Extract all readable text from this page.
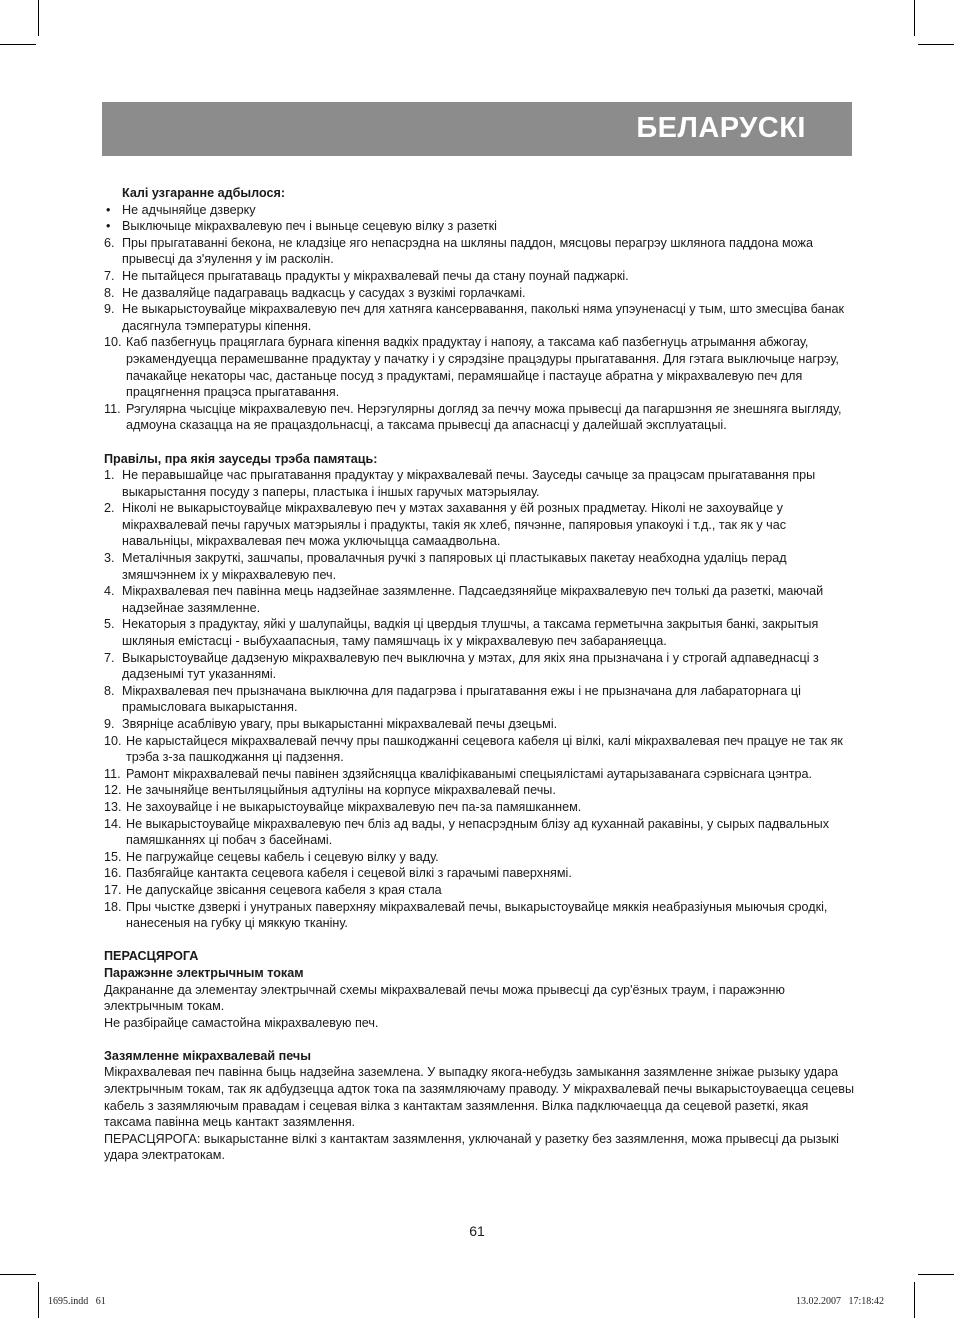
БЕЛАРУСКІ

Калі узгаранне адбылося:

• Не адчыняйце дзверку
• Выключыце мікрахвалевую печ і выньце сецевую вілку з разеткі
6. Пры прыгатаванні бекона, не кладзіце яго непасрэдна на шкляны паддон, мясцовы перагрэу шклянога паддона можа прывесці да з'яулення у ім расколін.
7. Не пытайцеся прыгатаваць прадукты у мікрахвалевай печы да стану поунай паджаркі.
8. Не дазваляйце падаграваць вадкасць у сасудах з вузкімі горлачкамі.
9. Не выкарыстоувайце мікрахвалевую печ для хатняга кансервавання, паколькі няма упэуненасці у тым, што змесціва банак дасягнула тэмпературы кіпення.
10. Каб пазбегнуць працяглага бурнага кіпення вадкіх прадуктау і напояу, а таксама каб пазбегнуць атрымання абжогау, рэкамендуецца перамешванне прадуктау у пачатку і у сярэдзіне працэдуры прыгатавання. Для гэтага выключыце нагрэу, пачакайце некаторы час, дастаньце посуд з прадуктамі, перамяшайце і пастауце абратна у мікрахвалевую печ для працягнення працэса прыгатавання.
11. Рэгулярна чысціце мікрахвалевую печ. Нерэгулярны догляд за печчу можа прывесці да пагаршэння яе знешняга выгляду, адмоуна сказацца на яе працаздольнасці, а таксама прывесці да апаснасці у далейшай эксплуатацыі.

Правілы, пра якія зауседы трэба памятаць:

1. Не перавышайце час прыгатавання прадуктау у мікрахвалевай печы. Зауседы сачыце за працэсам прыгатавання пры выкарыстання посуду з паперы, пластыка і іншых гаручых матэрыялау.
2. Ніколі не выкарыстоувайце мікрахвалевую печ у мэтах захавання у ёй розных прадметау. Ніколі не захоувайце у мікрахвалевай печы гаручых матэрыялы і прадукты, такія як хлеб, пячэнне, папяровыя упакоукі і т.д., так як у час навальніцы, мікрахвалевая печ можа уключыцца самаадвольна.
3. Металічныя закруткі, зашчапы, провалачныя ручкі з папяровых ці пластыкавых пакетау неабходна удаліць перад змяшчэннем іх у мікрахвалевую печ.
4. Мікрахвалевая печ павінна мець надзейнае зазямленне. Падсаедзяняйце мікрахвалевую печ толькі да разеткі, маючай надзейнае зазямленне.
5. Некаторыя з прадуктау, яйкі у шалупайцы, вадкія ці цвердыя тлушчы, а таксама герметычна закрытыя банкі, закрытыя шкляныя емістасці - выбухаапасныя, таму памяшчаць іх у мікрахвалевую печ забараняецца.
7. Выкарыстоувайце дадзеную мікрахвалевую печ выключна у мэтах, для якіх яна прызначана і у строгай адпаведнасці з дадзенымі тут указаннямі.
8. Мікрахвалевая печ прызначана выключна для падагрэва і прыгатавання ежы і не прызначана для лабараторнага ці прамысловага выкарыстання.
9. Звярніце асаблівую увагу, пры выкарыстанні мікрахвалевай печы дзецьмі.
10. Не карыстайцеся мікрахвалевай печчу пры пашкоджанні сецевога кабеля ці вілкі, калі мікрахвалевая печ працуе не так як трэба з-за пашкоджання ці падзення.
11. Рамонт мікрахвалевай печы павінен здзяйсняцца кваліфікаванымі спецыялістамі аутарызаванага сэрвіснага цэнтра.
12. Не зачыняйце вентыляцыйныя адтуліны на корпусе мікрахвалевай печы.
13. Не захоувайце і не выкарыстоувайце мікрахвалевую печ па-за памяшканнем.
14. Не выкарыстоувайце мікрахвалевую печ бліз ад вады, у непасрэдным блізу ад куханнай ракавіны, у сырых падвальных памяшканнях ці побач з басейнамі.
15. Не пагружайце сецевы кабель і сецевую вілку у ваду.
16. Пазбягайце кантакта сецевога кабеля і сецевой вілкі з гарачымі паверхнямі.
17. Не дапускайце звісання сецевога кабеля з края стала
18. Пры чыстке дзверкі і унутраных паверхняу мікрахвалевай печы, выкарыстоувайце мяккія неабразіуныя мыючыя сродкі, нанесеныя на губку ці мяккую тканіну.

ПЕРАСЦЯРОГА

Паражэнне электрычным токам

Дакрананне да элементау электрычнай схемы мікрахвалевай печы можа прывесці да сур'ёзных траум, і паражэнню электрычным токам.

Не разбірайце самастойна мікрахвалевую печ.

Зазямленне мікрахвалевай печы

Мікрахвалевая печ павінна быць надзейна заземлена. У выпадку якога-небудзь замыкання зазямленне зніжае рызыку удара электрычным токам, так як адбудзецца адток тока па зазямляючаму праводу. У мікрахвалевай печы выкарыстоуваецца сецевы кабель з зазямляючым правадам і сецевая вілка з кантактам зазямлення. Вілка падключаецца да сецевой разеткі, якая таксама павінна мець кантакт зазямлення.

ПЕРАСЦЯРОГА: выкарыстанне вілкі з кантактам зазямлення, уключанай у разетку без зазямлення, можа прывесці да рызыкі удара электратокам.

61
1695.indd   61	13.02.2007   17:18:42
